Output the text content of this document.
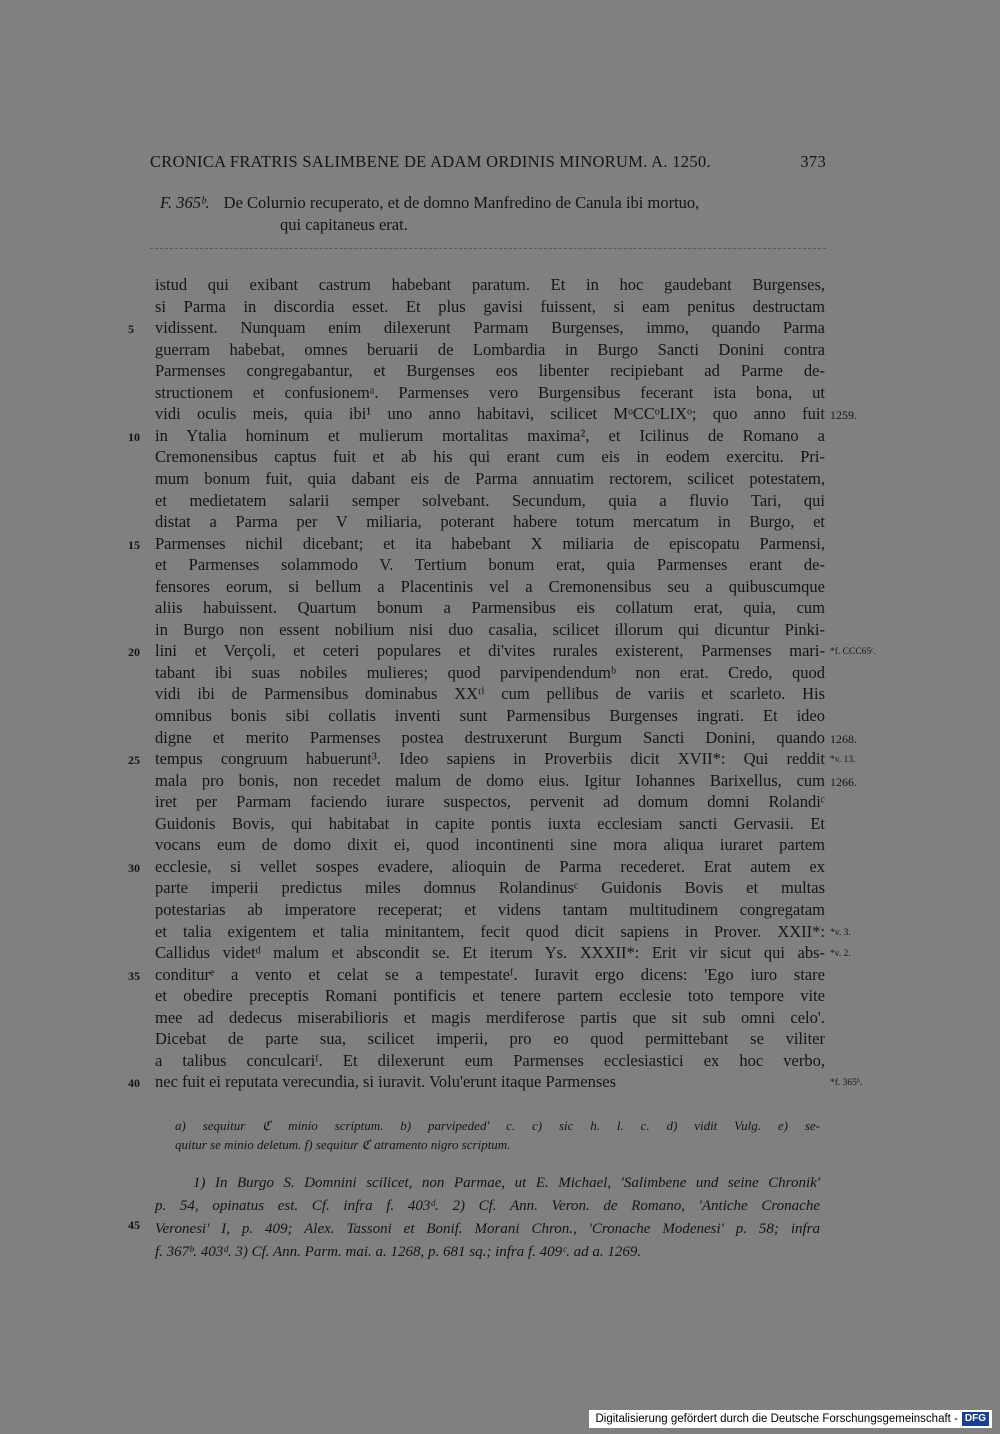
CRONICA FRATRIS SALIMBENE DE ADAM ORDINIS MINORUM. A. 1250.	373
F. 365ᵇ. De Colurnio recuperato, et de domno Manfredino de Canula ibi mortuo,
qui capitaneus erat.
istud qui exibant castrum habebant paratum. Et in hoc gaudebant Burgenses,
si Parma in discordia esset. Et plus gavisi fuissent, si eam penitus destructam
vidissent. Nunquam enim dilexerunt Parmam Burgenses, immo, quando Parma
5
guerram habebat, omnes beruarii de Lombardia in Burgo Sancti Donini contra
Parmenses congregabantur, et Burgenses eos libenter recipiebant ad Parme de-
structionem et confusionemᵃ. Parmenses vero Burgensibus fecerant ista bona, ut
vidi oculis meis, quia ibi¹ uno anno habitavi, scilicet MᵒCCᵒLIXᵒ; quo anno fuit 1259.
in Ytalia hominum et mulierum mortalitas maxima², et Icilinus de Romano a
10
Cremonensibus captus fuit et ab his qui erant cum eis in eodem exercitu. Pri-
mum bonum fuit, quia dabant eis de Parma annuatim rectorem, scilicet potestatem,
et medietatem salarii semper solvebant. Secundum, quia a fluvio Tari, qui
distat a Parma per V miliaria, poterant habere totum mercatum in Burgo, et
Parmenses nichil dicebant; et ita habebant X miliaria de episcopatu Parmensi,
15
et Parmenses solammodo V. Tertium bonum erat, quia Parmenses erant de-
fensores eorum, si bellum a Placentinis vel a Cremonensibus seu a quibuscumque
aliis habuissent. Quartum bonum a Parmensibus eis collatum erat, quia, cum
in Burgo non essent nobilium nisi duo casalia, scilicet illorum qui dicuntur Pinki-
lini et Verçoli, et ceteri populares et di'vites rurales existerent, Parmenses mari-
20	*f. CCC65ᶜ.
tabant ibi suas nobiles mulieres; quod parvipendendumᵇ non erat. Credo, quod
vidi ibi de Parmensibus dominabus XXᵗⁱ cum pellibus de variis et scarleto. His
omnibus bonis sibi collatis inventi sunt Parmensibus Burgenses ingrati. Et ideo
digne et merito Parmenses postea destruxerunt Burgum Sancti Donini, quando 1268.
tempus congruum habuerunt³. Ideo sapiens in Proverbiis dicit XVII*: Qui reddit
25	*v. 13.
mala pro bonis, non recedet malum de domo eius. Igitur Iohannes Barixellus, cum 1266.
iret per Parmam faciendo iurare suspectos, pervenit ad domum domni Rolandiᶜ
Guidonis Bovis, qui habitabat in capite pontis iuxta ecclesiam sancti Gervasii. Et
vocans eum de domo dixit ei, quod incontinenti sine mora aliqua iuraret partem
ecclesie, si vellet sospes evadere, alioquin de Parma recederet. Erat autem ex
30
parte imperii predictus miles domnus Rolandinusᶜ Guidonis Bovis et multas
potestarias ab imperatore receperat; et videns tantam multitudinem congregatam
et talia exigentem et talia minitantem, fecit quod dicit sapiens in Prover. XXII*: *v. 3.
Callidus videtᵈ malum et abscondit se. Et iterum Ys. XXXII*: Erit vir sicut qui abs- *v. 2.
conditurᵉ a vento et celat se a tempestateᶠ. Iuravit ergo dicens: 'Ego iuro stare
35
et obedire preceptis Romani pontificis et tenere partem ecclesie toto tempore vite
mee ad dedecus miserabilioris et magis merdiferose partis que sit sub omni celo'.
Dicebat de parte sua, scilicet imperii, pro eo quod permittebant se viliter
a talibus conculcariᶠ. Et dilexerunt eum Parmenses ecclesiastici ex hoc verbo,
nec fuit ei reputata verecundia, si iuravit. Volu'erunt itaque Parmenses
40	*f. 365ᵇ.
a) sequitur ℭ minio scriptum. b) parvipeded' c. c) sic h. l. c. d) vidit Vulg. e) se-
quitur se minio deletum. f) sequitur ℭ atramento nigro scriptum.
1) In Burgo S. Domnini scilicet, non Parmae, ut E. Michael, 'Salimbene und seine Chronik'
p. 54, opinatus est. Cf. infra f. 403ᵈ. 2) Cf. Ann. Veron. de Romano, 'Antiche Cronache
Veronesi' I, p. 409; Alex. Tassoni et Bonif. Morani Chron., 'Cronache Modenesi' p. 58; infra
f. 367ᵇ. 403ᵈ. 3) Cf. Ann. Parm. mai. a. 1268, p. 681 sq.; infra f. 409ᶜ. ad a. 1269.
45
Digitalisierung gefördert durch die Deutsche Forschungsgemeinschaft - DFG
